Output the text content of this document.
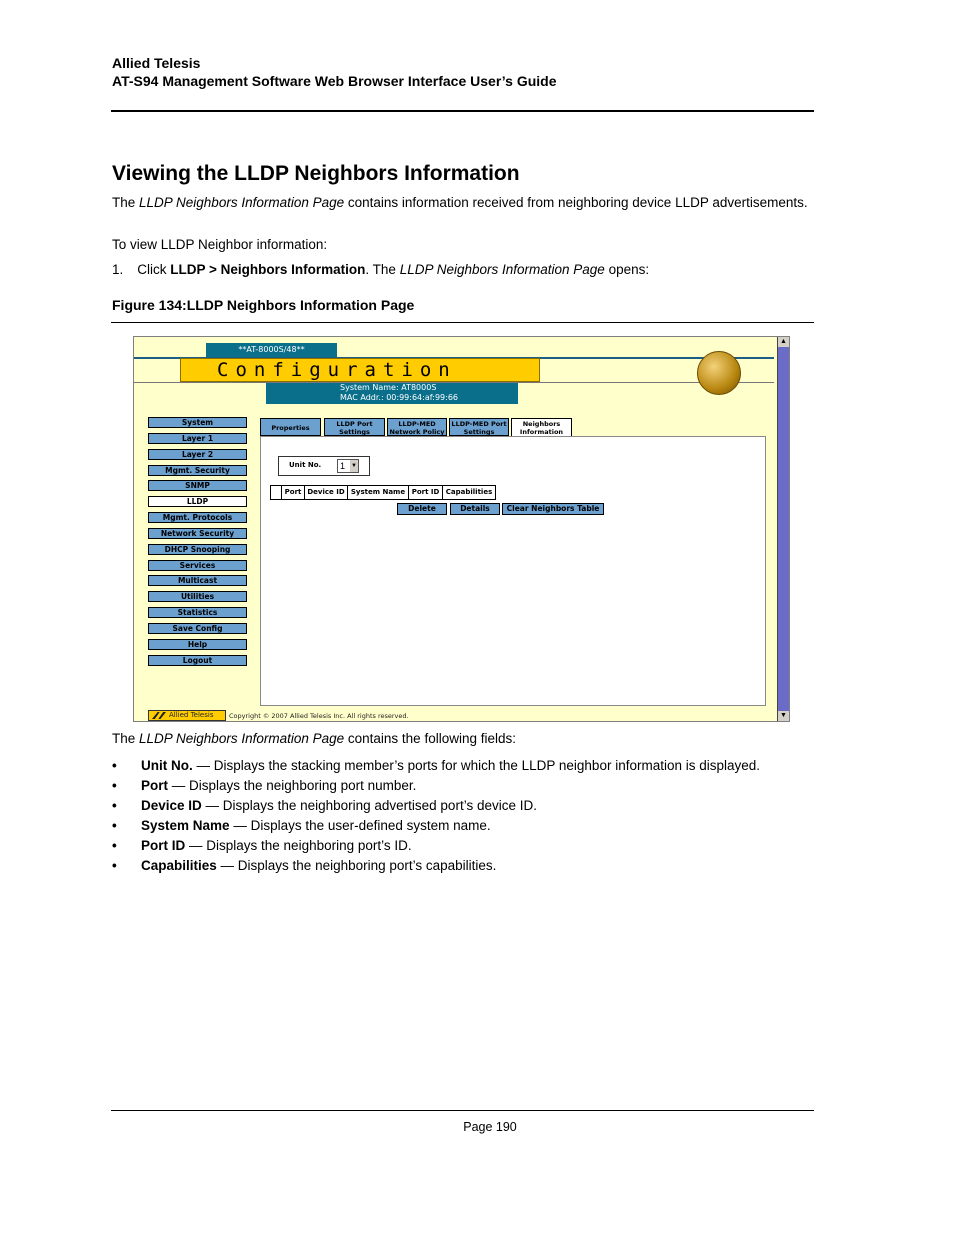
Allied Telesis
AT-S94 Management Software Web Browser Interface User’s Guide
Viewing the LLDP Neighbors Information
The LLDP Neighbors Information Page contains information received from neighboring device LLDP advertisements.
To view LLDP Neighbor information:
1. Click LLDP > Neighbors Information. The LLDP Neighbors Information Page opens:
Figure 134:LLDP Neighbors Information Page
**AT-8000S/48**
Configuration
System Name: AT8000S
MAC Addr.: 00:99:64:af:99:66
System
Layer 1
Layer 2
Mgmt. Security
SNMP
LLDP
Mgmt. Protocols
Network Security
DHCP Snooping
Services
Multicast
Utilities
Statistics
Save Config
Help
Logout
Properties	LLDP Port
Settings
LLDP-MED
Network Policy
LLDP-MED Port
Settings
Neighbors
Information
Unit No.	1 ▼
Port Device ID System Name Port ID Capabilities
Delete	Details	Clear Neighbors Table
Allied Telesis	Copyright © 2007 Allied Telesis Inc. All rights reserved.
▲
▼
The LLDP Neighbors Information Page contains the following fields:
• Unit No. — Displays the stacking member’s ports for which the LLDP neighbor information is displayed.
• Port — Displays the neighboring port number.
• Device ID — Displays the neighboring advertised port’s device ID.
• System Name — Displays the user-defined system name.
• Port ID — Displays the neighboring port’s ID.
• Capabilities — Displays the neighboring port’s capabilities.
Page 190
